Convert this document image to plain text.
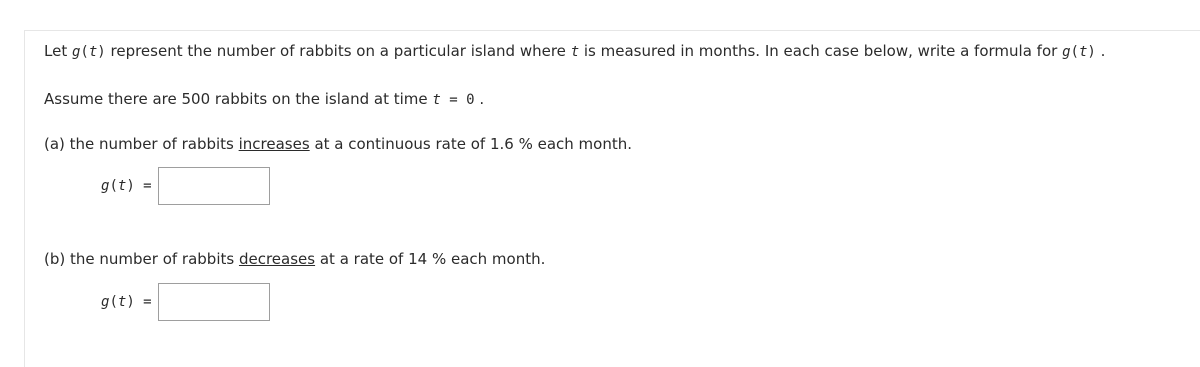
Let g(t) represent the number of rabbits on a particular island where t is measured in months. In each case below, write a formula for g(t) .
Assume there are 500 rabbits on the island at time t = 0 .
(a) the number of rabbits increases at a continuous rate of 1.6 % each month.
g(t) =
(b) the number of rabbits decreases at a rate of 14 % each month.
g(t) =
